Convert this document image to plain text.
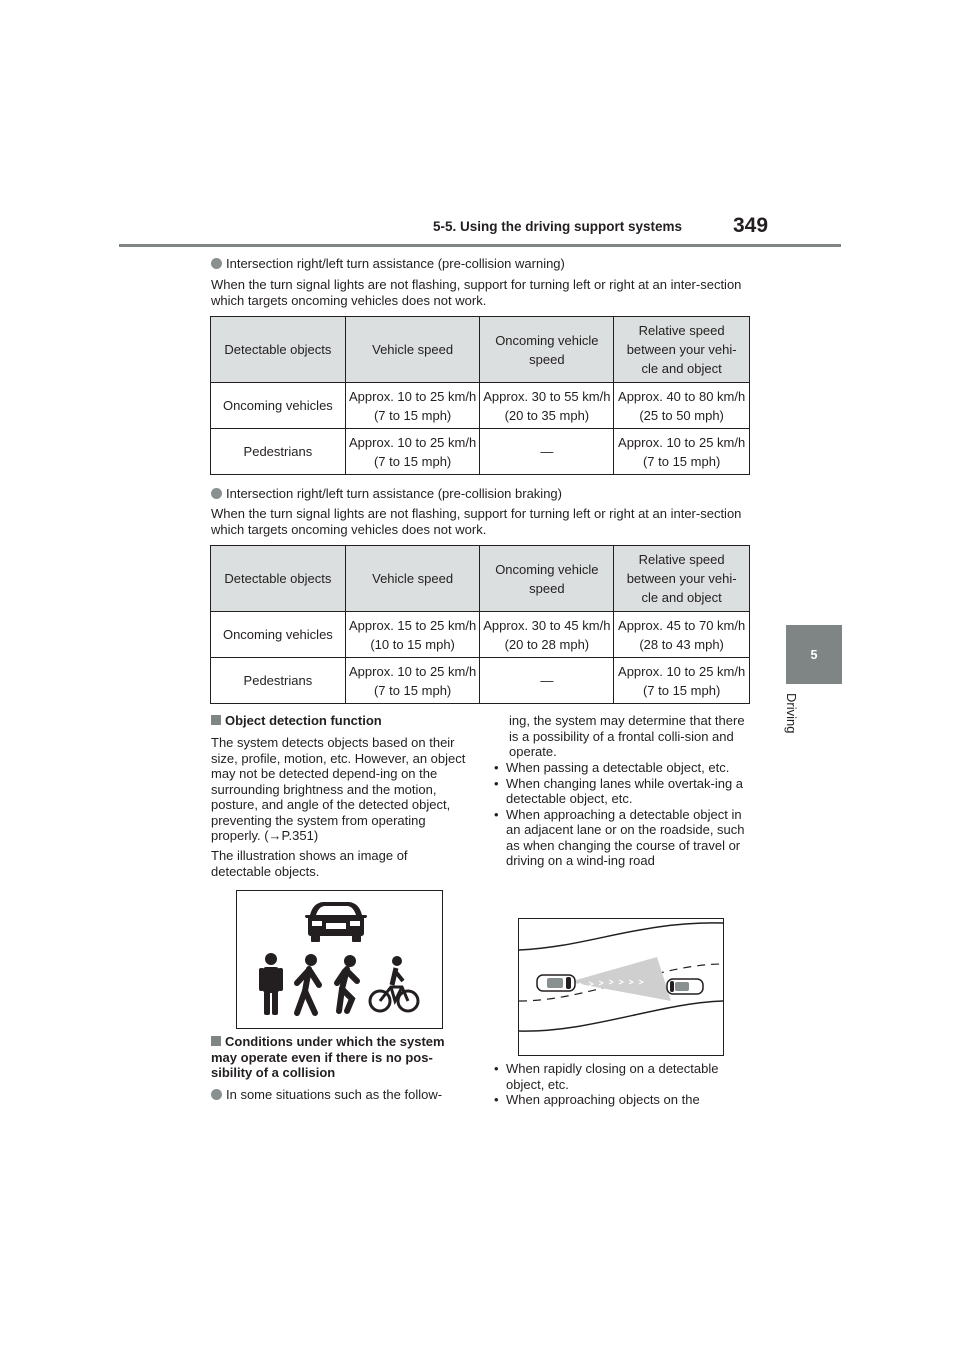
5-5. Using the driving support systems 349
5
Driving
Intersection right/left turn assistance (pre-collision warning)
When the turn signal lights are not flashing, support for turning left or right at an inter-section which targets oncoming vehicles does not work.
Detectable objects	Vehicle speed	Oncoming vehicle speed	Relative speed between your vehi-cle and object
Oncoming vehicles	Approx. 10 to 25 km/h (7 to 15 mph)	Approx. 30 to 55 km/h (20 to 35 mph)	Approx. 40 to 80 km/h (25 to 50 mph)
Pedestrians	Approx. 10 to 25 km/h (7 to 15 mph)	—	Approx. 10 to 25 km/h (7 to 15 mph)
Intersection right/left turn assistance (pre-collision braking)
When the turn signal lights are not flashing, support for turning left or right at an inter-section which targets oncoming vehicles does not work.
Detectable objects	Vehicle speed	Oncoming vehicle speed	Relative speed between your vehi-cle and object
Oncoming vehicles	Approx. 15 to 25 km/h (10 to 15 mph)	Approx. 30 to 45 km/h (20 to 28 mph)	Approx. 45 to 70 km/h (28 to 43 mph)
Pedestrians	Approx. 10 to 25 km/h (7 to 15 mph)	—	Approx. 10 to 25 km/h (7 to 15 mph)
Object detection function
The system detects objects based on their size, profile, motion, etc. However, an object may not be detected depend-ing on the surrounding brightness and the motion, posture, and angle of the detected object, preventing the system from operating properly. (→P.351)
The illustration shows an image of detectable objects.
Conditions under which the system may operate even if there is no pos-sibility of a collision
In some situations such as the follow-
ing, the system may determine that there is a possibility of a frontal colli-sion and operate.
• When passing a detectable object, etc.
• When changing lanes while overtak-ing a detectable object, etc.
• When approaching a detectable object in an adjacent lane or on the roadside, such as when changing the course of travel or driving on a wind-ing road
• When rapidly closing on a detectable object, etc.
• When approaching objects on the
